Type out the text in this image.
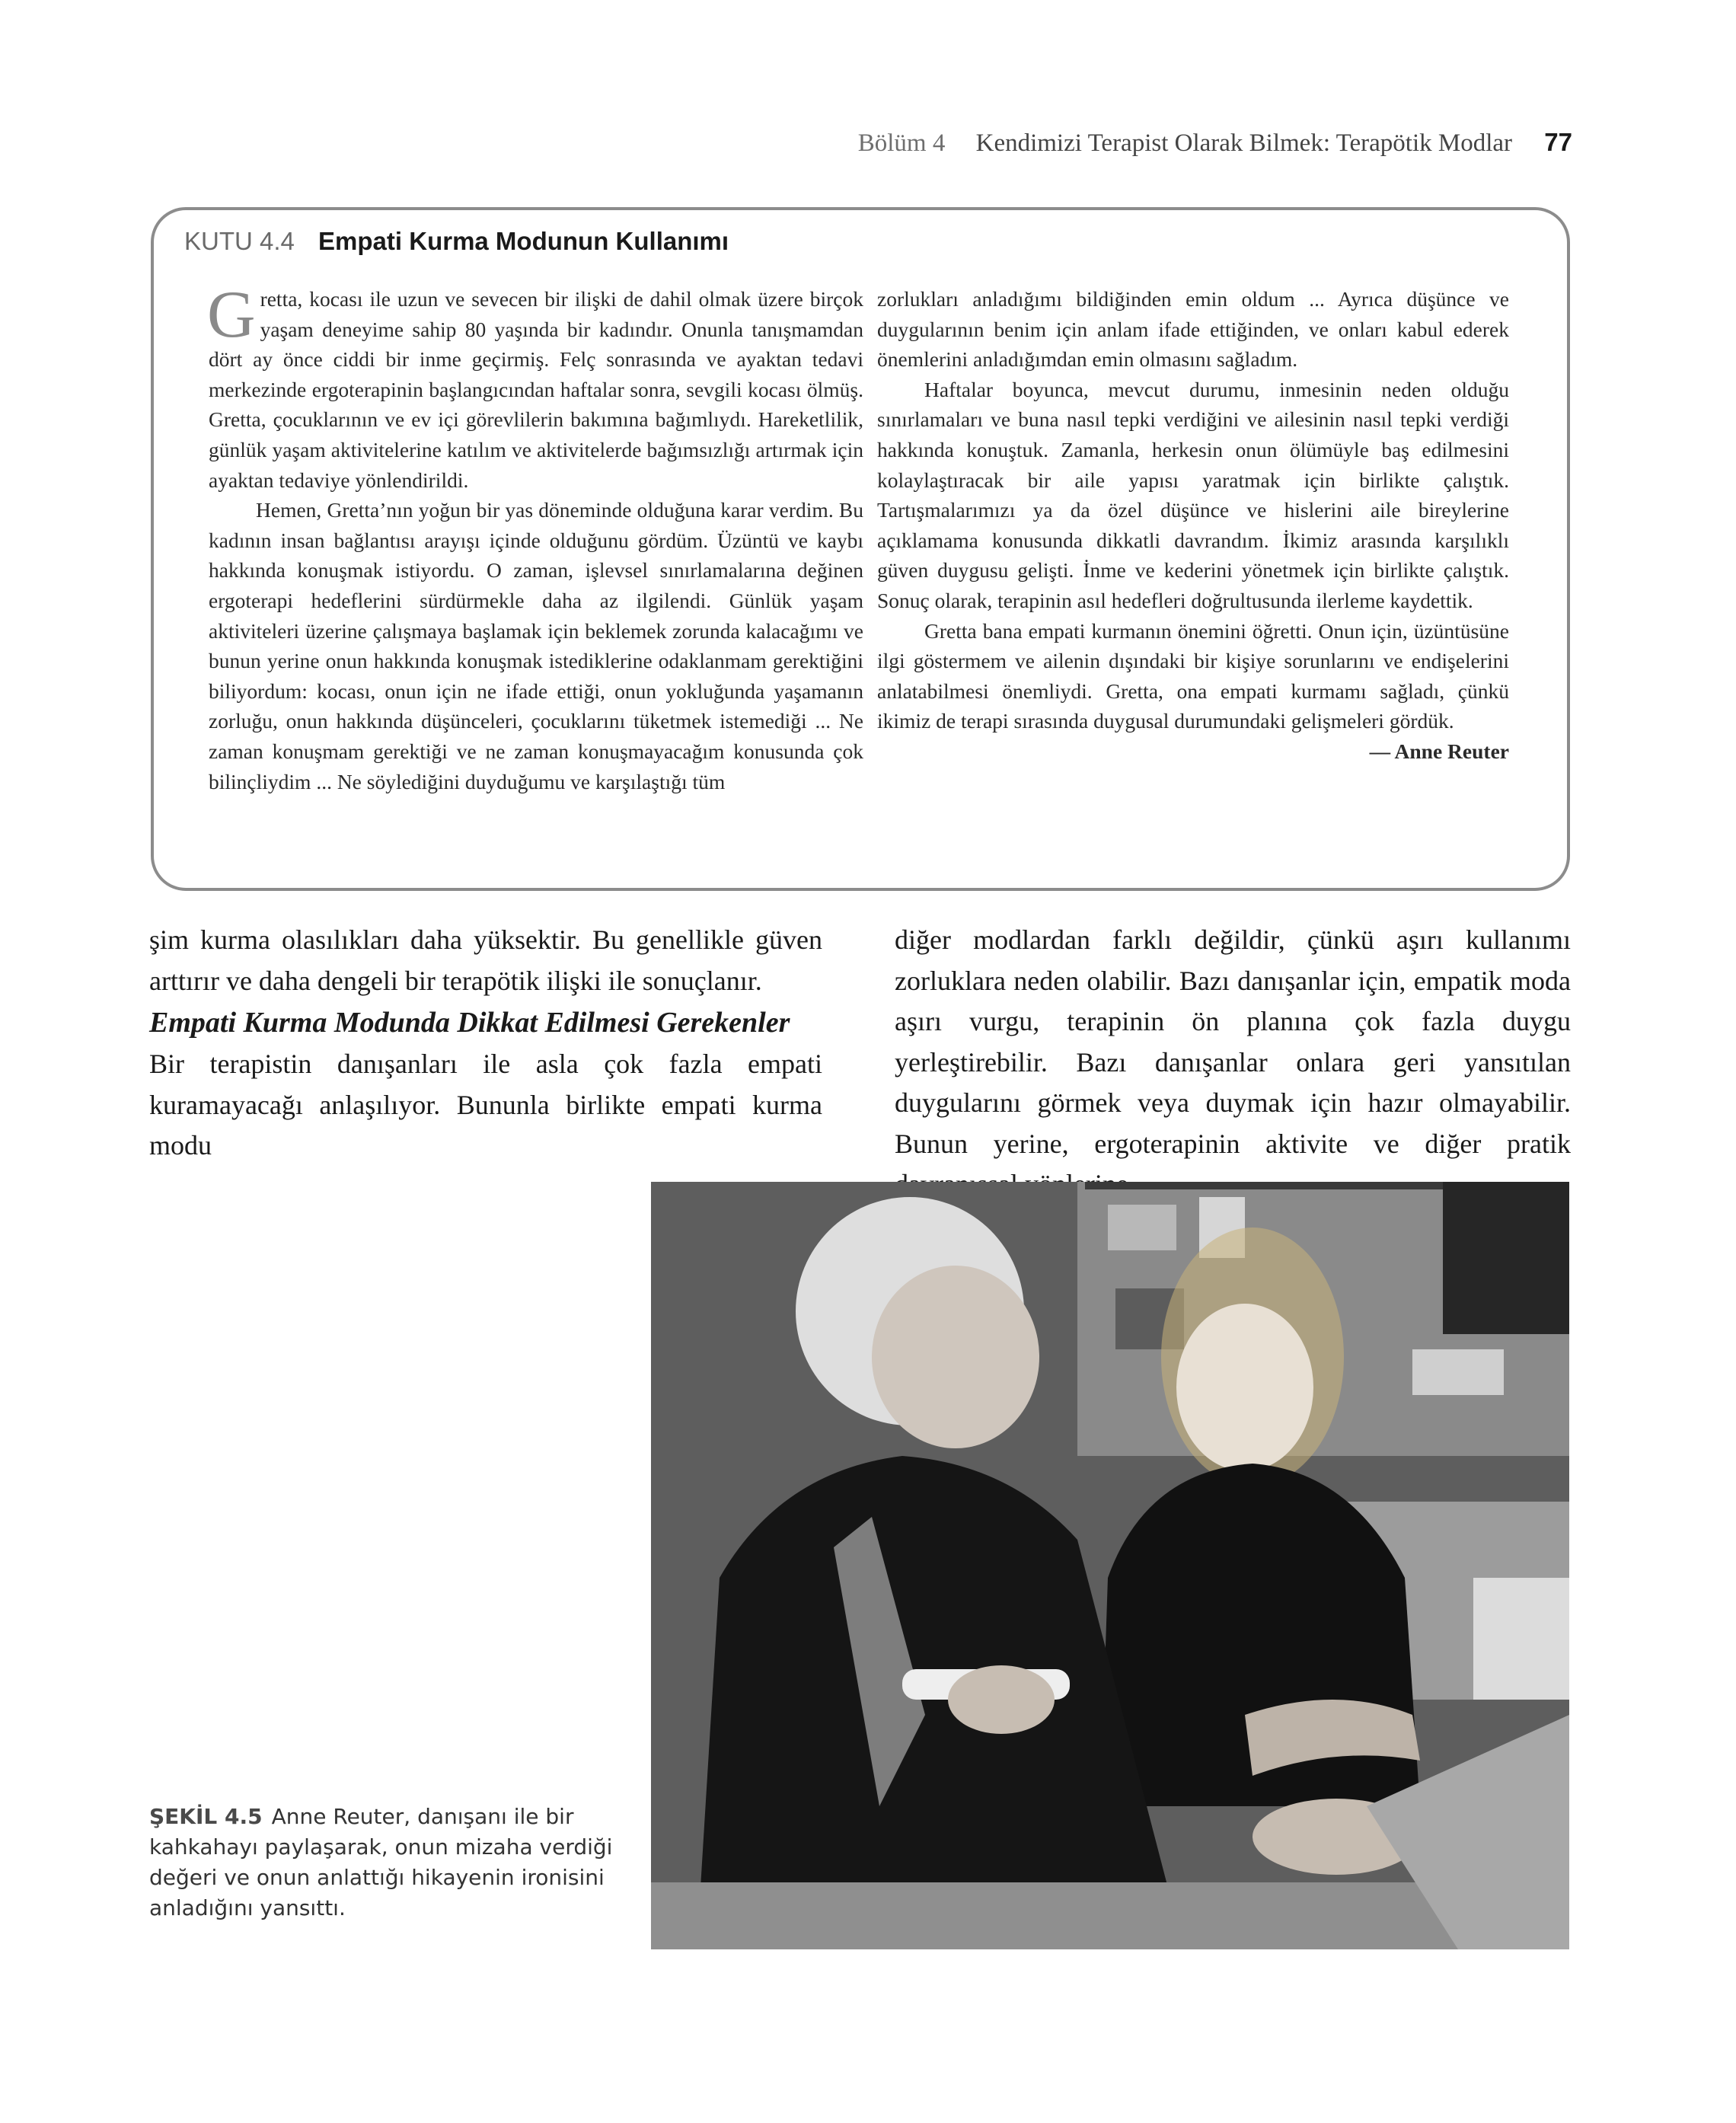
Bölüm 4 Kendimizi Terapist Olarak Bilmek: Terapötik Modlar 77
KUTU 4.4 Empati Kurma Modunun Kullanımı

Gretta, kocası ile uzun ve sevecen bir ilişki de dahil olmak üzere birçok yaşam deneyime sahip 80 yaşında bir kadındır. Onunla tanışmamdan dört ay önce ciddi bir inme geçirmiş. Felç sonrasında ve ayaktan tedavi merkezinde ergoterapinin başlangıcından haftalar sonra, sevgili kocası ölmüş. Gretta, çocuklarının ve ev içi görevlilerin bakımına bağımlıydı. Hareketlilik, günlük yaşam aktivitelerine katılım ve aktivitelerde bağımsızlığı artırmak için ayaktan tedaviye yönlendirildi.

Hemen, Gretta’nın yoğun bir yas döneminde olduğuna karar verdim. Bu kadının insan bağlantısı arayışı içinde olduğunu gördüm. Üzüntü ve kaybı hakkında konuşmak istiyordu. O zaman, işlevsel sınırlamalarına değinen ergoterapi hedeflerini sürdürmekle daha az ilgilendi. Günlük yaşam aktiviteleri üzerine çalışmaya başlamak için beklemek zorunda kalacağımı ve bunun yerine onun hakkında konuşmak istediklerine odaklanmam gerektiğini biliyordum: kocası, onun için ne ifade ettiği, onun yokluğunda yaşamanın zorluğu, onun hakkında düşünceleri, çocuklarını tüketmek istemediği ... Ne zaman konuşmam gerektiği ve ne zaman konuşmayacağım konusunda çok bilinçliydim ... Ne söylediğini duyduğumu ve karşılaştığı tüm

zorlukları anladığımı bildiğinden emin oldum ... Ayrıca düşünce ve duygularının benim için anlam ifade ettiğinden, ve onları kabul ederek önemlerini anladığımdan emin olmasını sağladım.

Haftalar boyunca, mevcut durumu, inmesinin neden olduğu sınırlamaları ve buna nasıl tepki verdiğini ve ailesinin nasıl tepki verdiği hakkında konuştuk. Zamanla, herkesin onun ölümüyle baş edilmesini kolaylaştıracak bir aile yapısı yaratmak için birlikte çalıştık. Tartışmalarımızı ya da özel düşünce ve hislerini aile bireylerine açıklamama konusunda dikkatli davrandım. İkimiz arasında karşılıklı güven duygusu gelişti. İnme ve kederini yönetmek için birlikte çalıştık. Sonuç olarak, terapinin asıl hedefleri doğrultusunda ilerleme kaydettik.

Gretta bana empati kurmanın önemini öğretti. Onun için, üzüntüsüne ilgi göstermem ve ailenin dışındaki bir kişiye sorunlarını ve endişelerini anlatabilmesi önemliydi. Gretta, ona empati kurmamı sağladı, çünkü ikimiz de terapi sırasında duygusal durumundaki gelişmeleri gördük.

— Anne Reuter

şim kurma olasılıkları daha yüksektir. Bu genellikle güven arttırır ve daha dengeli bir terapötik ilişki ile sonuçlanır.

Empati Kurma Modunda Dikkat Edilmesi Gerekenler

Bir terapistin danışanları ile asla çok fazla empati kuramayacağı anlaşılıyor. Bununla birlikte empati kurma modu

diğer modlardan farklı değildir, çünkü aşırı kullanımı zorluklara neden olabilir. Bazı danışanlar için, empatik moda aşırı vurgu, terapinin ön planına çok fazla duygu yerleştirebilir. Bazı danışanlar onlara geri yansıtılan duygularını görmek veya duymak için hazır olmayabilir. Bunun yerine, ergoterapinin aktivite ve diğer pratik

ŞEKİL 4.5 Anne Reuter, danışanı ile bir kahkahayı paylaşarak, onun mizaha verdiği değeri ve onun anlattığı hikayenin ironisini anladığını yansıttı.
